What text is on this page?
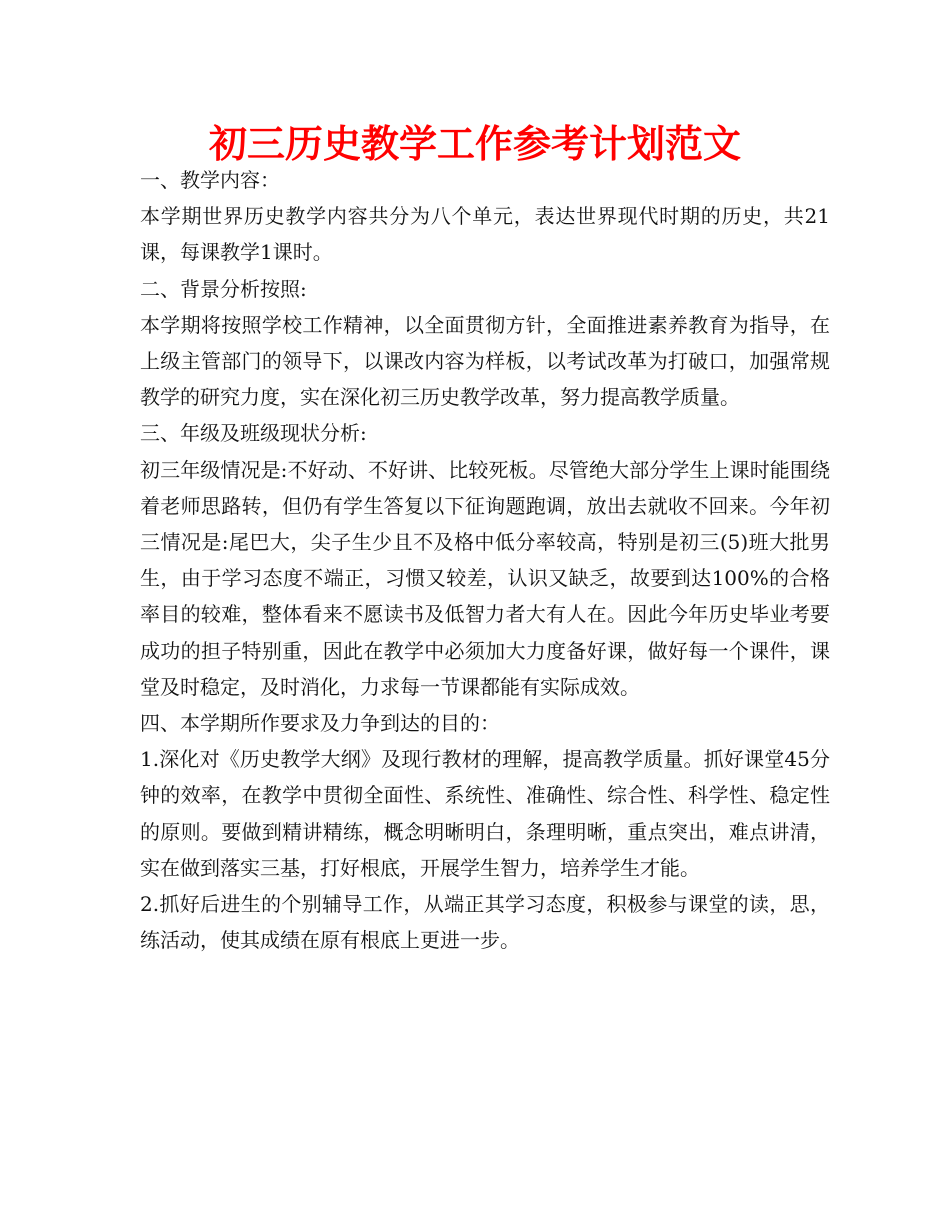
初三历史教学工作参考计划范文

一、教学内容：

本学期世界历史教学内容共分为八个单元，表达世界现代时期的历史，共21课，每课教学1课时。

二、背景分析按照:

本学期将按照学校工作精神，以全面贯彻方针，全面推进素养教育为指导，在上级主管部门的领导下，以课改内容为样板，以考试改革为打破口，加强常规教学的研究力度，实在深化初三历史教学改革，努力提高教学质量。

三、年级及班级现状分析:

初三年级情况是:不好动、不好讲、比较死板。尽管绝大部分学生上课时能围绕着老师思路转，但仍有学生答复以下征询题跑调，放出去就收不回来。今年初三情况是:尾巴大，尖子生少且不及格中低分率较高，特别是初三(5)班大批男生，由于学习态度不端正，习惯又较差，认识又缺乏，故要到达100%的合格率目的较难，整体看来不愿读书及低智力者大有人在。因此今年历史毕业考要成功的担子特别重，因此在教学中必须加大力度备好课，做好每一个课件，课堂及时稳定，及时消化，力求每一节课都能有实际成效。

四、本学期所作要求及力争到达的目的：

1.深化对《历史教学大纲》及现行教材的理解，提高教学质量。抓好课堂45分钟的效率，在教学中贯彻全面性、系统性、准确性、综合性、科学性、稳定性的原则。要做到精讲精练，概念明晰明白，条理明晰，重点突出，难点讲清，实在做到落实三基，打好根底，开展学生智力，培养学生才能。

2.抓好后进生的个别辅导工作，从端正其学习态度，积极参与课堂的读，思，练活动，使其成绩在原有根底上更进一步。
